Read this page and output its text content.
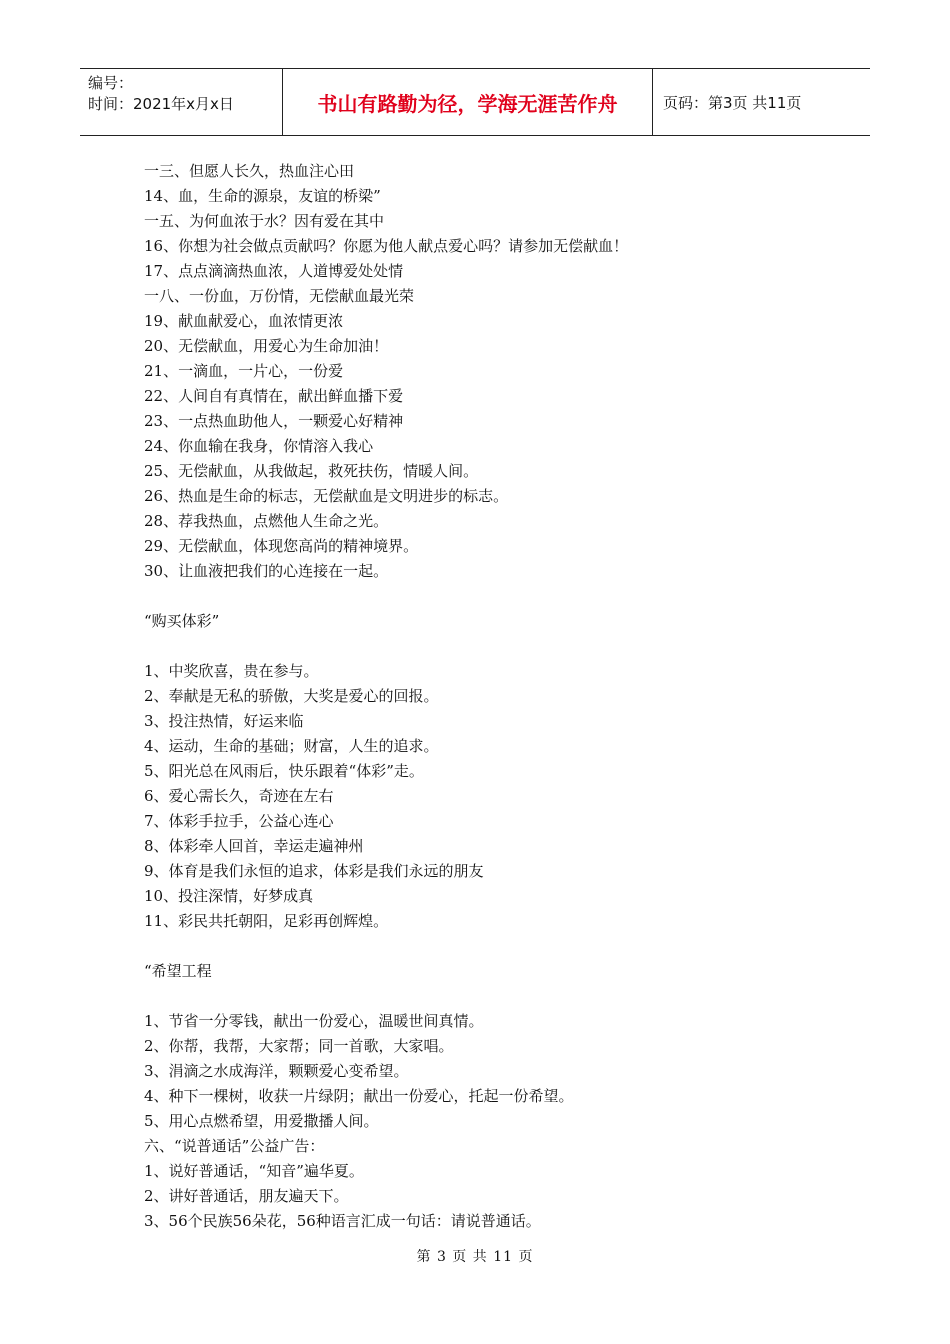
编号：
时间：2021年x月x日	书山有路勤为径，学海无涯苦作舟	页码：第3页 共11页
一三、但愿人长久，热血注心田
14、血，生命的源泉，友谊的桥梁”
一五、为何血浓于水？因有爱在其中
16、你想为社会做点贡献吗？你愿为他人献点爱心吗？请参加无偿献血！
17、点点滴滴热血浓，人道博爱处处情
一八、一份血，万份情，无偿献血最光荣
19、献血献爱心，血浓情更浓
20、无偿献血，用爱心为生命加油！
21、一滴血，一片心，一份爱
22、人间自有真情在，献出鲜血播下爱
23、一点热血助他人，一颗爱心好精神
24、你血输在我身，你情溶入我心
25、无偿献血，从我做起，救死扶伤，情暖人间。
26、热血是生命的标志，无偿献血是文明进步的标志。
28、荐我热血，点燃他人生命之光。
29、无偿献血，体现您高尚的精神境界。
30、让血液把我们的心连接在一起。
“购买体彩”
1、中奖欣喜，贵在参与。
2、奉献是无私的骄傲，大奖是爱心的回报。
3、投注热情，好运来临
4、运动，生命的基础；财富，人生的追求。
5、阳光总在风雨后，快乐跟着“体彩”走。
6、爱心需长久，奇迹在左右
7、体彩手拉手，公益心连心
8、体彩牵人回首，幸运走遍神州
9、体育是我们永恒的追求，体彩是我们永远的朋友
10、投注深情，好梦成真
11、彩民共托朝阳，足彩再创辉煌。
“希望工程
1、节省一分零钱，献出一份爱心，温暖世间真情。
2、你帮，我帮，大家帮；同一首歌，大家唱。
3、涓滴之水成海洋，颗颗爱心变希望。
4、种下一棵树，收获一片绿阴；献出一份爱心，托起一份希望。
5、用心点燃希望，用爱撒播人间。
六、“说普通话”公益广告：
1、说好普通话，“知音”遍华夏。
2、讲好普通话，朋友遍天下。
3、56个民族56朵花，56种语言汇成一句话：请说普通话。
第 3 页 共 11 页
